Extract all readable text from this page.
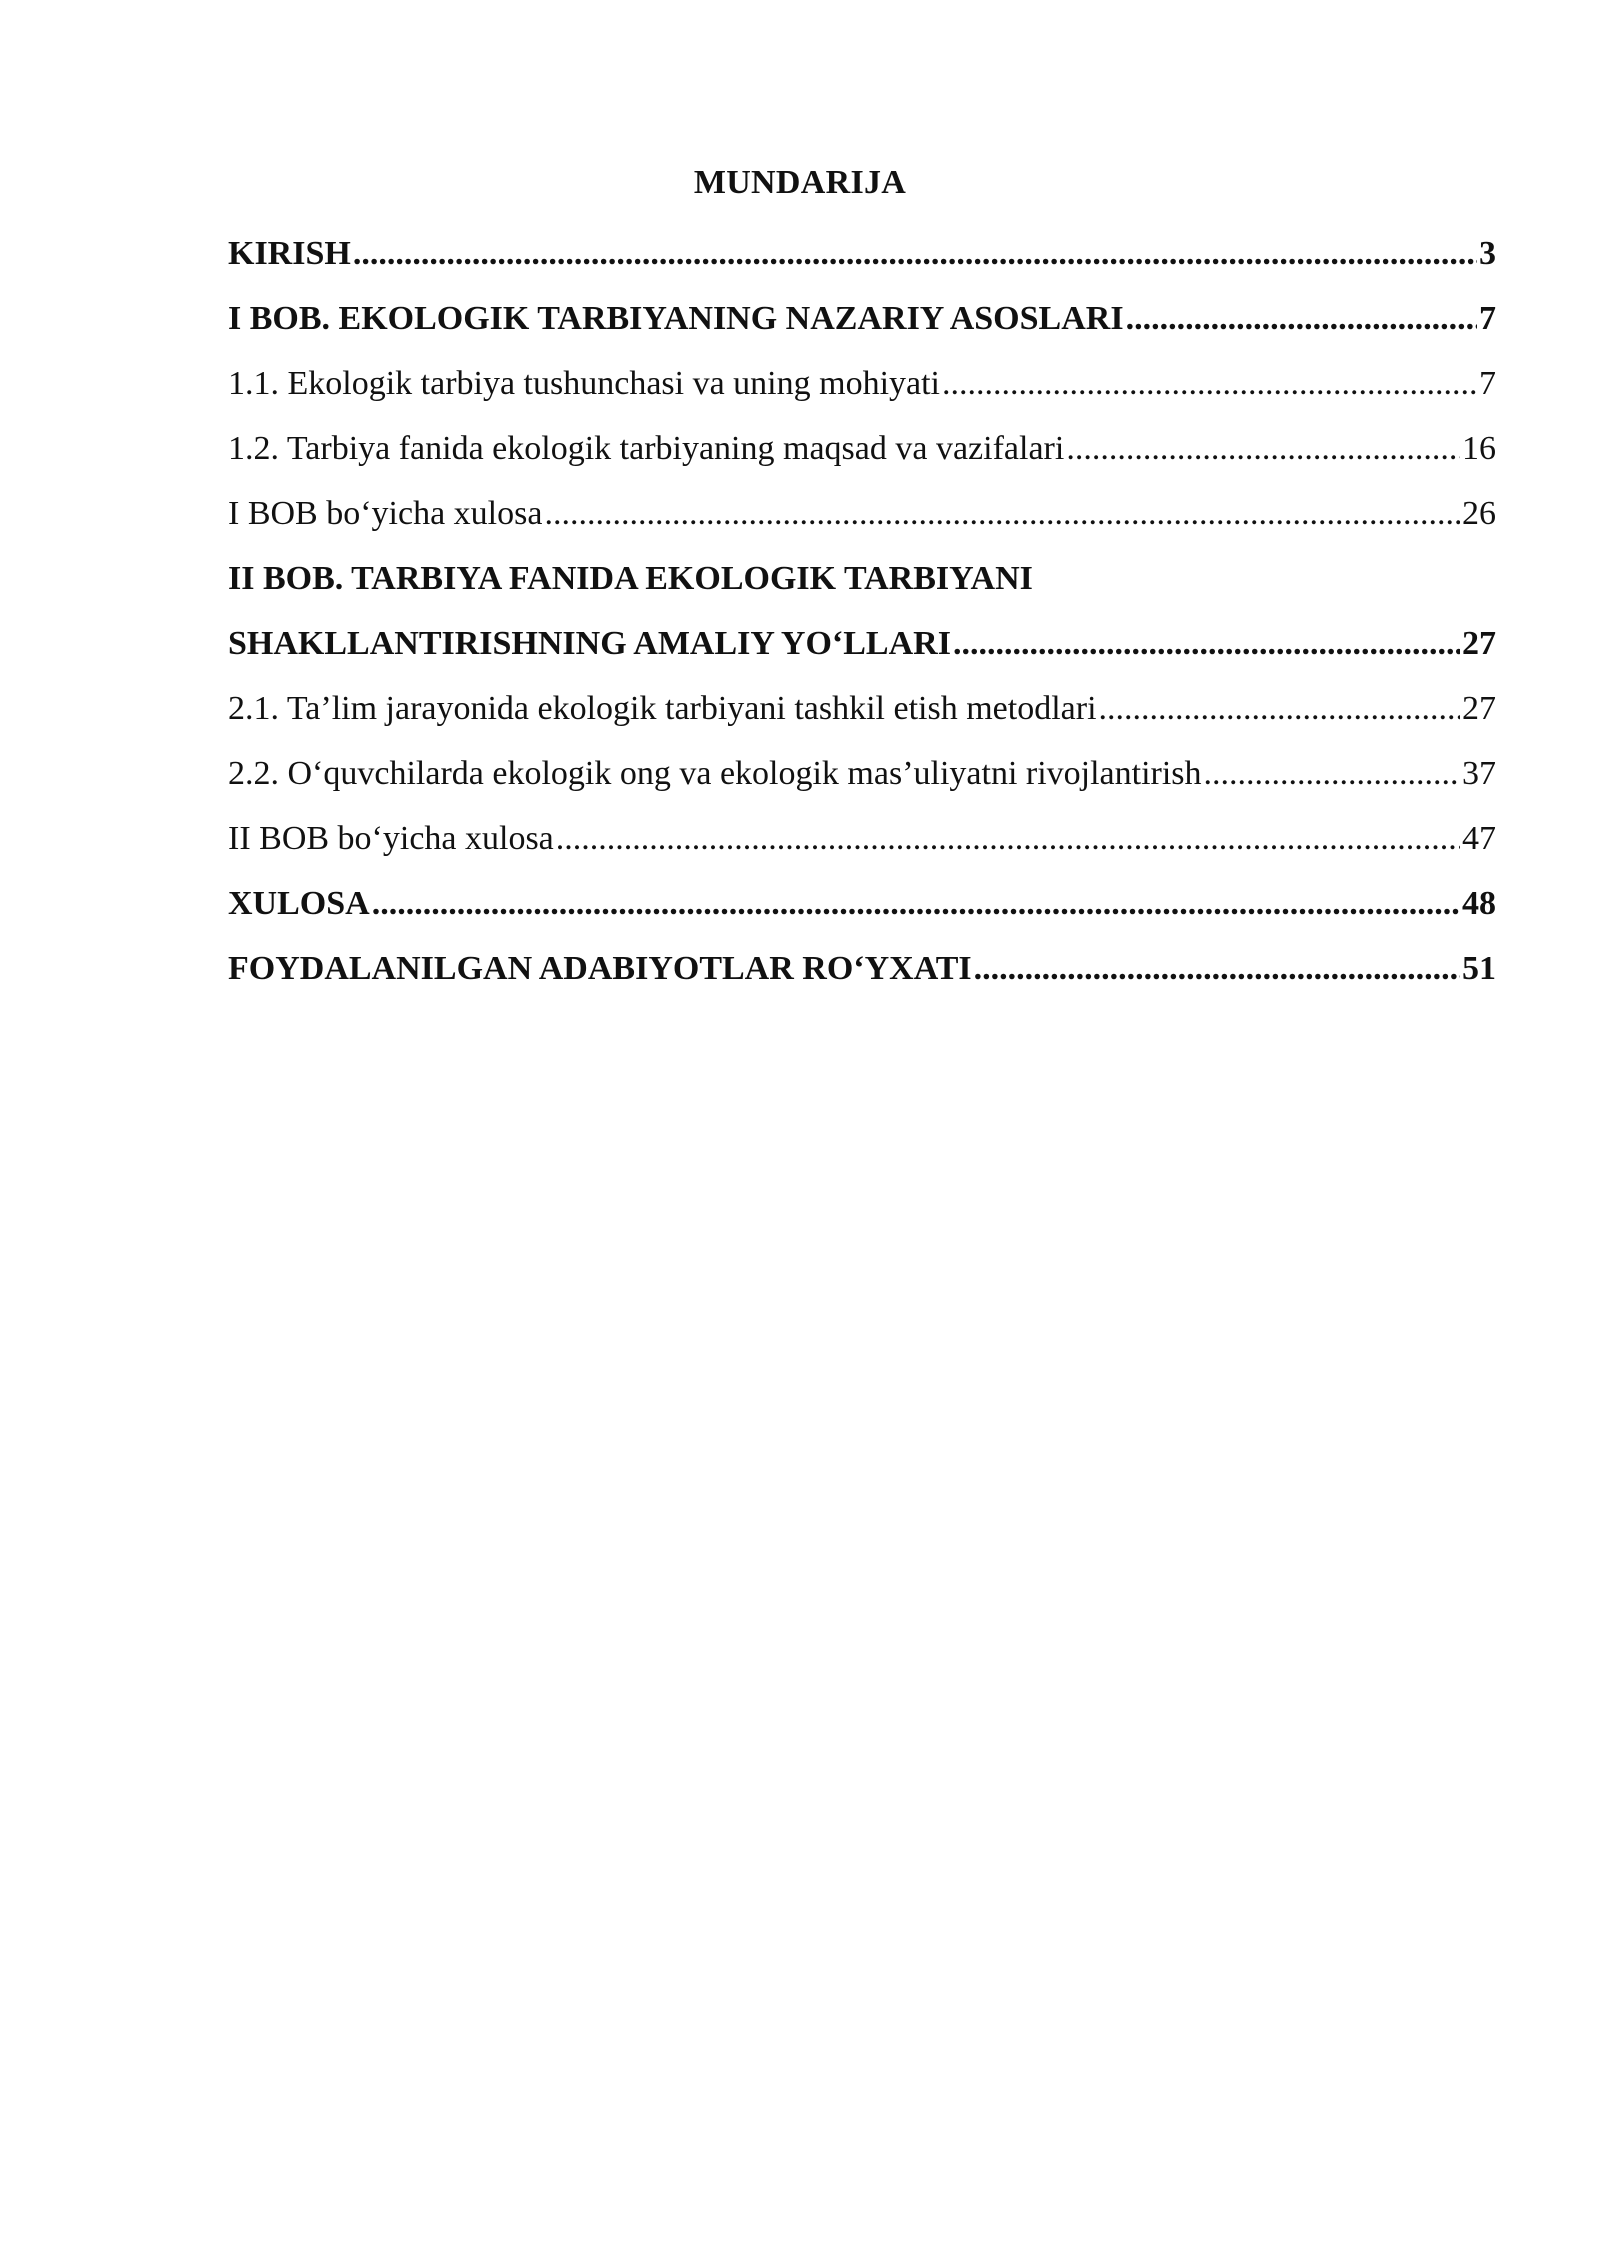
MUNDARIJA
KIRISH .....	3
I BOB. EKOLOGIK TARBIYANING NAZARIY ASOSLARI .....	7
1.1. Ekologik tarbiya tushunchasi va uning mohiyati .....	7
1.2. Tarbiya fanida ekologik tarbiyaning maqsad va vazifalari .....	16
I BOB bo‘yicha xulosa .....	26
II BOB. TARBIYA FANIDA EKOLOGIK TARBIYANI
SHAKLLANTIRISHNING AMALIY YO‘LLARI .....	27
2.1. Ta’lim jarayonida ekologik tarbiyani tashkil etish metodlari .....	27
2.2. O‘quvchilarda ekologik ong va ekologik mas’uliyatni rivojlantirish .....	37
II BOB bo‘yicha xulosa .....	47
XULOSA .....	48
FOYDALANILGAN ADABIYOTLAR RO‘YXATI .....	51
